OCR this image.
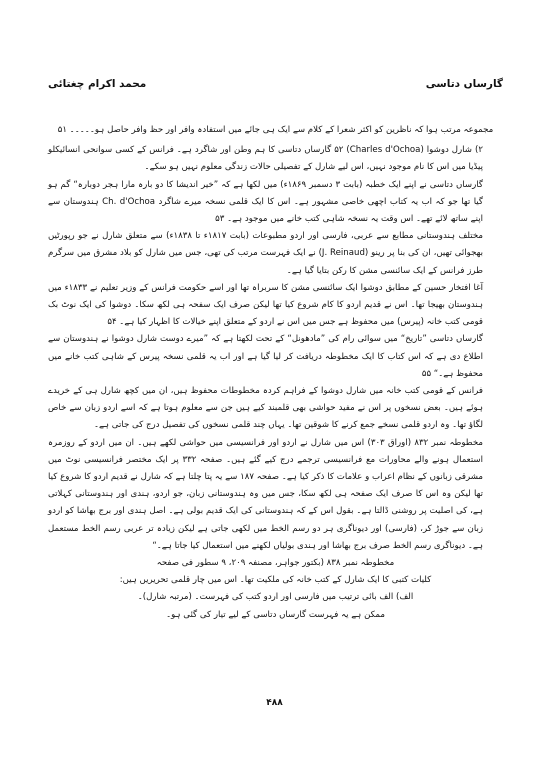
گارساں دتاسی
محمد اکرام چغتائی

مجموعہ مرتب ہوا کہ ناظرین کو اکثر شعرا کے کلام سے ایک ہی جائے میں استفادہ وافر اور حظ وافر حاصل ہو۔۔۔۔۔ ۵۱

۲) شارل دوشوا (Charles d'Ochoa) ۵۲ گارساں دتاسی کا ہم وطن اور شاگرد ہے۔ فرانس کے کسی سوانحی انسائیکلو پیڈیا میں اس کا نام موجود نہیں، اس لیے شارل کے تفصیلی حالات زندگی معلوم نہیں ہو سکے۔

گارساں دتاسی نے اپنے ایک خطبہ (بابت ۳ دسمبر ۱۸۶۹ء) میں لکھا ہے کہ ”خیر اندیشا کا دو بارہ مارا ہجر دوبارہ“ گم ہو گیا تھا جو کہ اب یہ کتاب اچھی خاصی مشہور ہے۔ اس کا ایک قلمی نسخہ میرے شاگرد Ch. d'Ochoa ہندوستان سے اپنے ساتھ لائے تھے۔ اس وقت یہ نسخہ شاہی کتب خانے میں موجود ہے۔ ۵۳

مختلف ہندوستانی مطابع سے عربی، فارسی اور اردو مطبوعات (بابت ۱۸۱۷ء تا ۱۸۳۸ء) سے متعلق شارل نے جو رپورٹیں بھجوائی تھیں، ان کی بنا پر رینو (J. Reinaud) نے ایک فہرست مرتب کی تھی، جس میں شارل کو بلاد مشرق میں سرگرم طرز فرانس کے ایک سائنسی مشن کا رکن بتایا گیا ہے۔

آغا افتخار حسین کے مطابق دوشوا ایک سائنسی مشن کا سربراہ تھا اور اسے حکومت فرانس کے وزیر تعلیم نے ۱۸۳۳ء میں ہندوستان بھیجا تھا۔ اس نے قدیم اردو کا کام شروع کیا تھا لیکن صرف ایک سفحہ ہی لکھ سکا۔ دوشوا کی ایک نوٹ بک قومی کتب خانہ (پیرس) میں محفوظ ہے جس میں اس نے اردو کے متعلق اپنے خیالات کا اظہار کیا ہے۔ ۵۴

گارساں دتاسی ”تاریخ“ میں سوائی رام کی ”مادھونل“ کے تحت لکھتا ہے کہ ”میرے دوست شارل دوشوا نے ہندوستان سے اطلاع دی ہے کہ اس کتاب کا ایک مخطوطہ دریافت کر لیا گیا ہے اور اب یہ قلمی نسخہ پیرس کے شاہی کتب خانے میں محفوظ ہے۔“ ۵۵

فرانس کے قومی کتب خانہ میں شارل دوشوا کے فراہم کردہ مخطوطات محفوظ ہیں، ان میں کچھ شارل ہی کے خریدے ہوئے ہیں۔ بعض نسخوں پر اس نے مفید حواشی بھی قلمبند کیے ہیں جن سے معلوم ہوتا ہے کہ اسے اردو زبان سے خاص لگاؤ تھا۔ وہ اردو قلمی نسخے جمع کرنے کا شوقین تھا۔ یہاں چند قلمی نسخوں کی تفصیل درج کی جاتی ہے۔

مخطوطہ نمبر ۸۳۲ (اوراق ۳۰۳) اس میں شارل نے اردو اور فرانسیسی میں حواشی لکھے ہیں۔ ان میں اردو کے روزمرہ استعمال ہونے والے محاورات مع فرانسیسی ترجمے درج کیے گئے ہیں۔ صفحہ ۳۳۲ پر ایک مختصر فرانسیسی نوٹ میں مشرقی زبانوں کے نظام اعراب و علامات کا ذکر کیا ہے۔ صفحہ ۱۸۷ سے یہ پتا چلتا ہے کہ شارل نے قدیم اردو کا شروع کیا تھا لیکن وہ اس کا صرف ایک صفحہ ہی لکھ سکا، جس میں وہ ہندوستانی زبان، جو اردو، ہندی اور ہندوستانی کہلاتی ہے، کی اصلیت پر روشنی ڈالتا ہے۔ بقول اس کے کہ ہندوستانی کی ایک قدیم بولی ہے۔ اصل ہندی اور برج بھاشا کو اردو زبان سے جوڑ کر، (فارسی) اور دیوناگری ہر دو رسم الخط میں لکھی جاتی ہے لیکن زیادہ تر عربی رسم الخط مستعمل ہے۔ دیوناگری رسم الخط صرف برج بھاشا اور ہندی بولیاں لکھنے میں استعمال کیا جاتا ہے۔“

مخطوطہ نمبر ۸۳۸ (بکتور جواہر، مصنفہ ۲۰۹، ۹ سطور فی صفحہ

کلیات کتبی کا ایک شارل کے کتب خانہ کی ملکیت تھا۔ اس میں چار قلمی تحریریں ہیں:

الف) الف بائی ترتیب میں فارسی اور اردو کتب کی فہرست۔ (مرتبہ شارل)۔

ممکن ہے یہ فہرست گارساں دتاسی کے لیے تیار کی گئی ہو۔

۴۸۸
